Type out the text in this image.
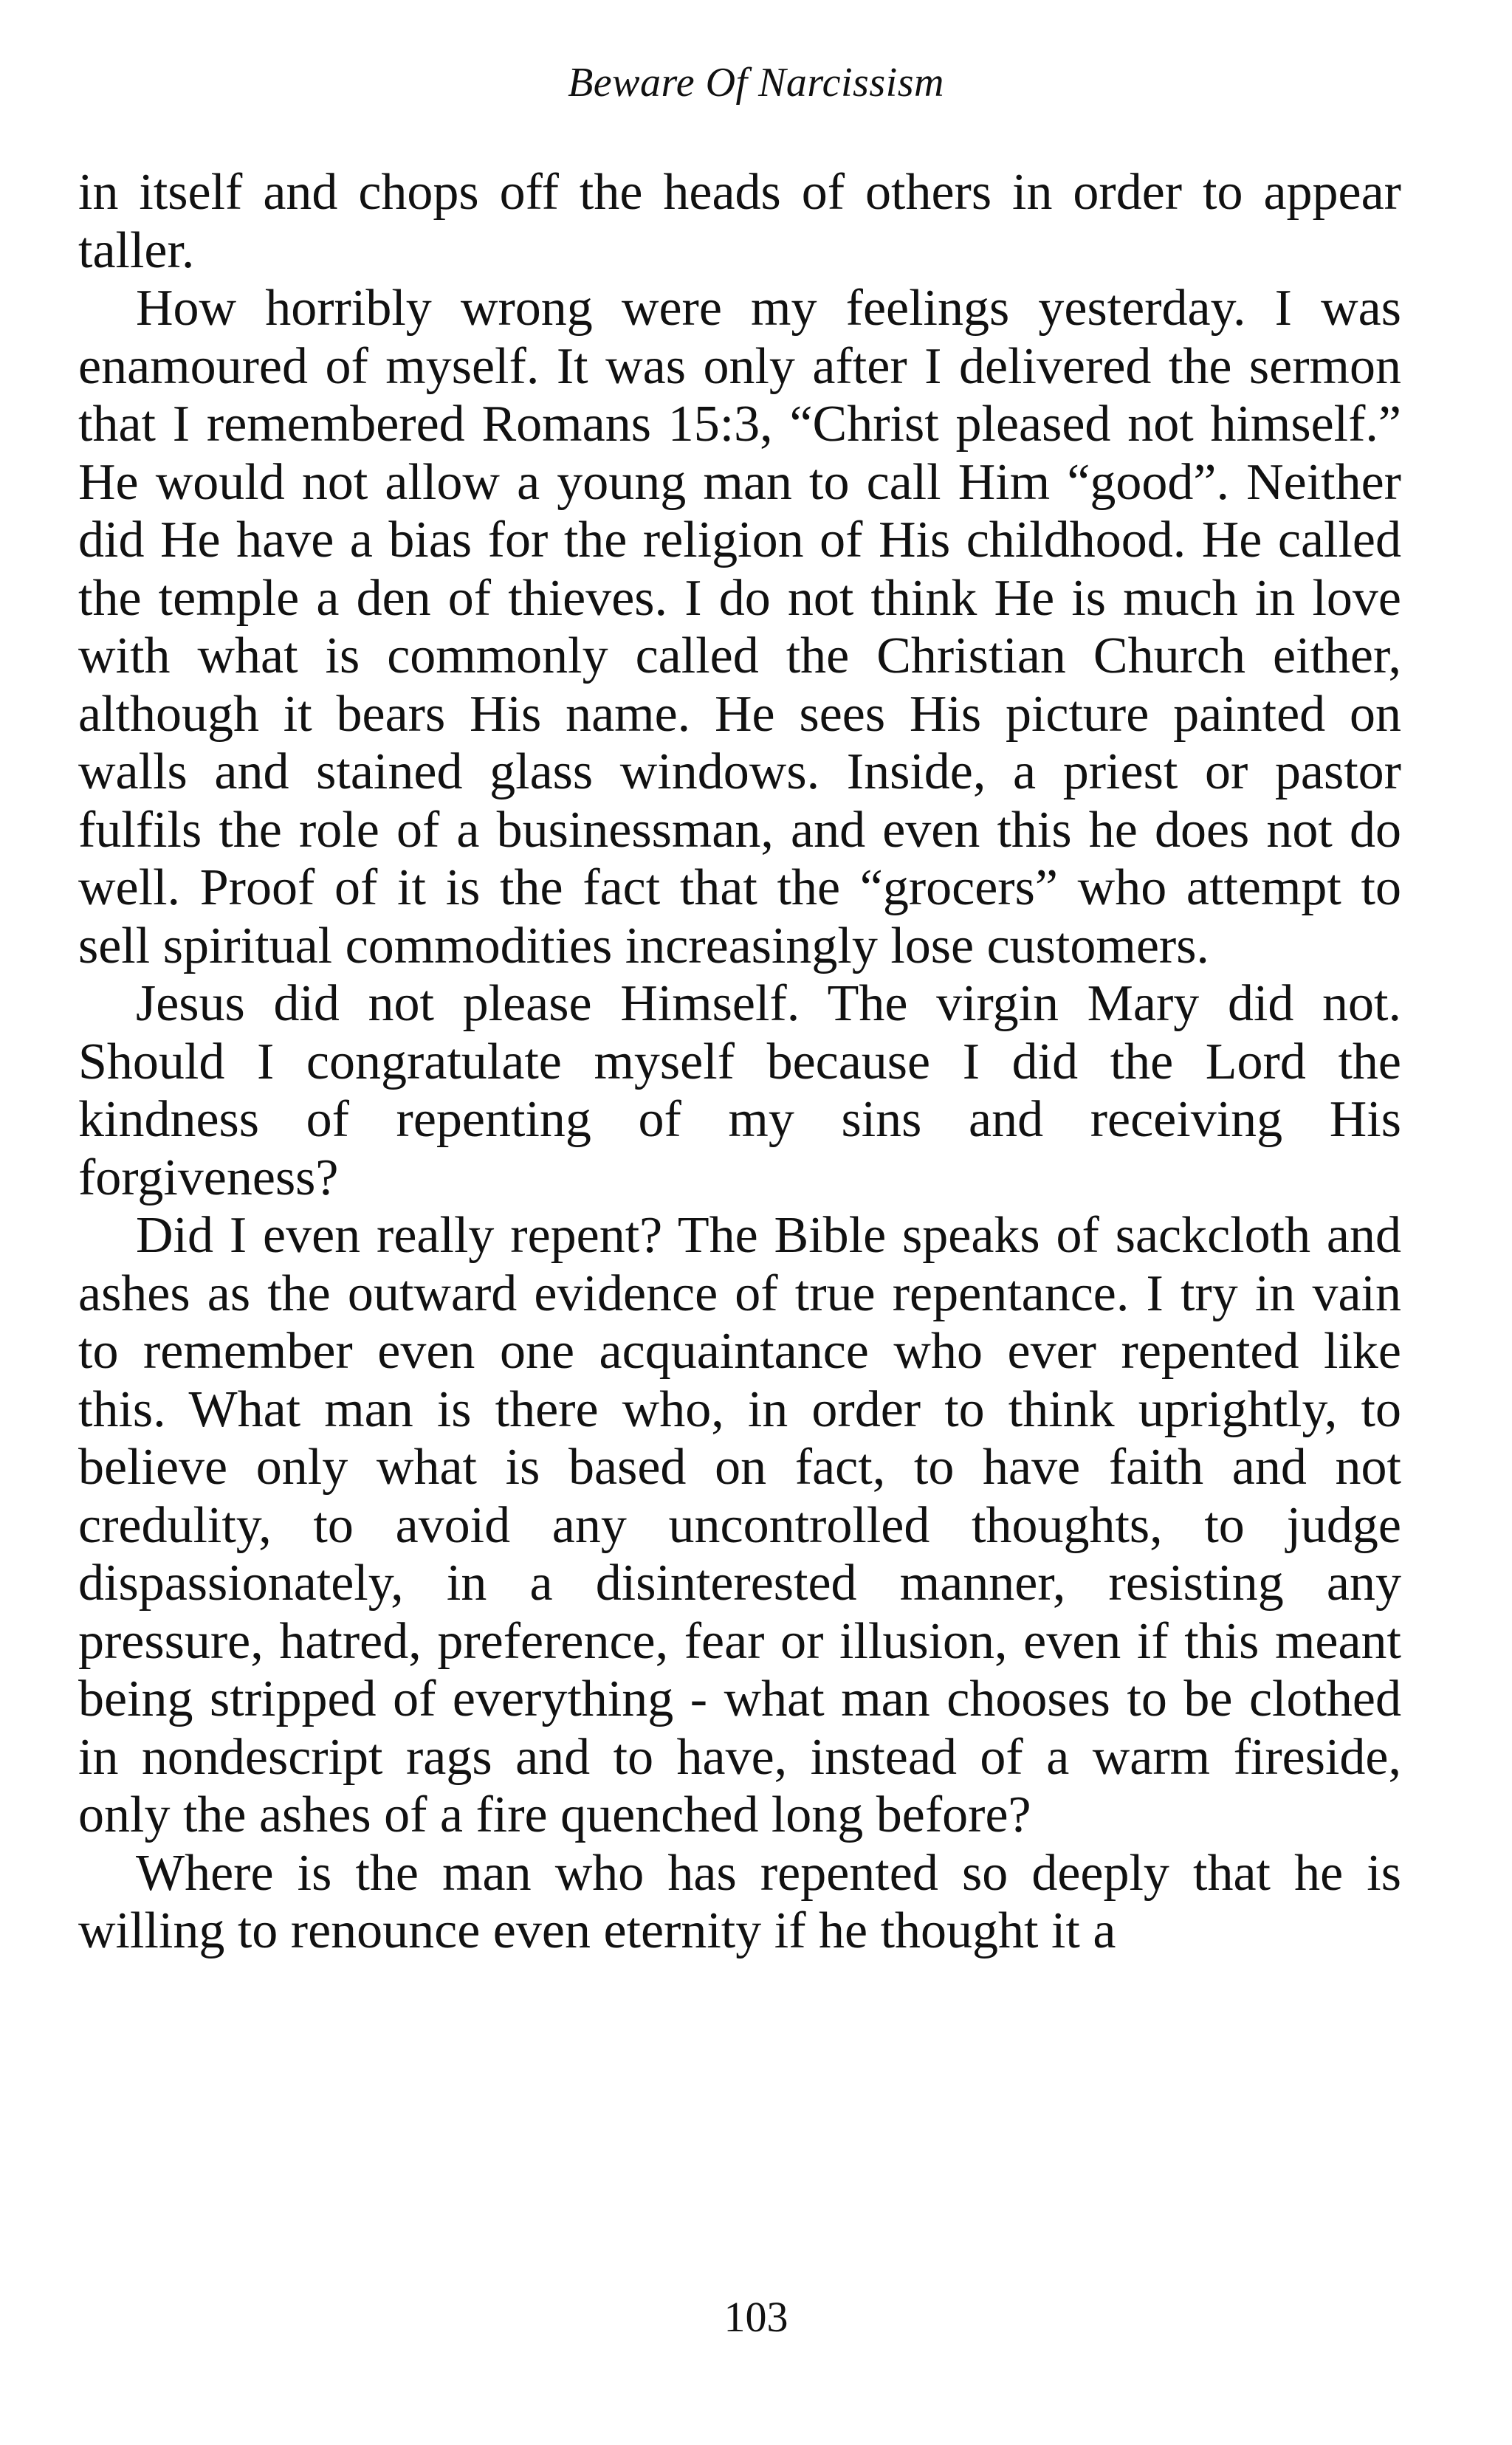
Beware Of Narcissism

in itself and chops off the heads of others in order to appear taller.

How horribly wrong were my feelings yesterday. I was enamoured of myself. It was only after I delivered the sermon that I remembered Romans 15:3, “Christ pleased not himself.” He would not allow a young man to call Him “good”. Neither did He have a bias for the religion of His childhood. He called the temple a den of thieves. I do not think He is much in love with what is commonly called the Christian Church either, although it bears His name. He sees His picture painted on walls and stained glass windows. Inside, a priest or pastor fulfils the role of a businessman, and even this he does not do well. Proof of it is the fact that the “grocers” who attempt to sell spiritual commodities increasingly lose customers.

Jesus did not please Himself. The virgin Mary did not. Should I congratulate myself because I did the Lord the kindness of repenting of my sins and receiving His forgiveness?

Did I even really repent? The Bible speaks of sackcloth and ashes as the outward evidence of true repentance. I try in vain to remember even one acquaintance who ever repented like this. What man is there who, in order to think uprightly, to believe only what is based on fact, to have faith and not credulity, to avoid any uncontrolled thoughts, to judge dispassionately, in a disinterested manner, resisting any pressure, hatred, preference, fear or illusion, even if this meant being stripped of everything - what man chooses to be clothed in nondescript rags and to have, instead of a warm fireside, only the ashes of a fire quenched long before?

Where is the man who has repented so deeply that he is willing to renounce even eternity if he thought it a

103
